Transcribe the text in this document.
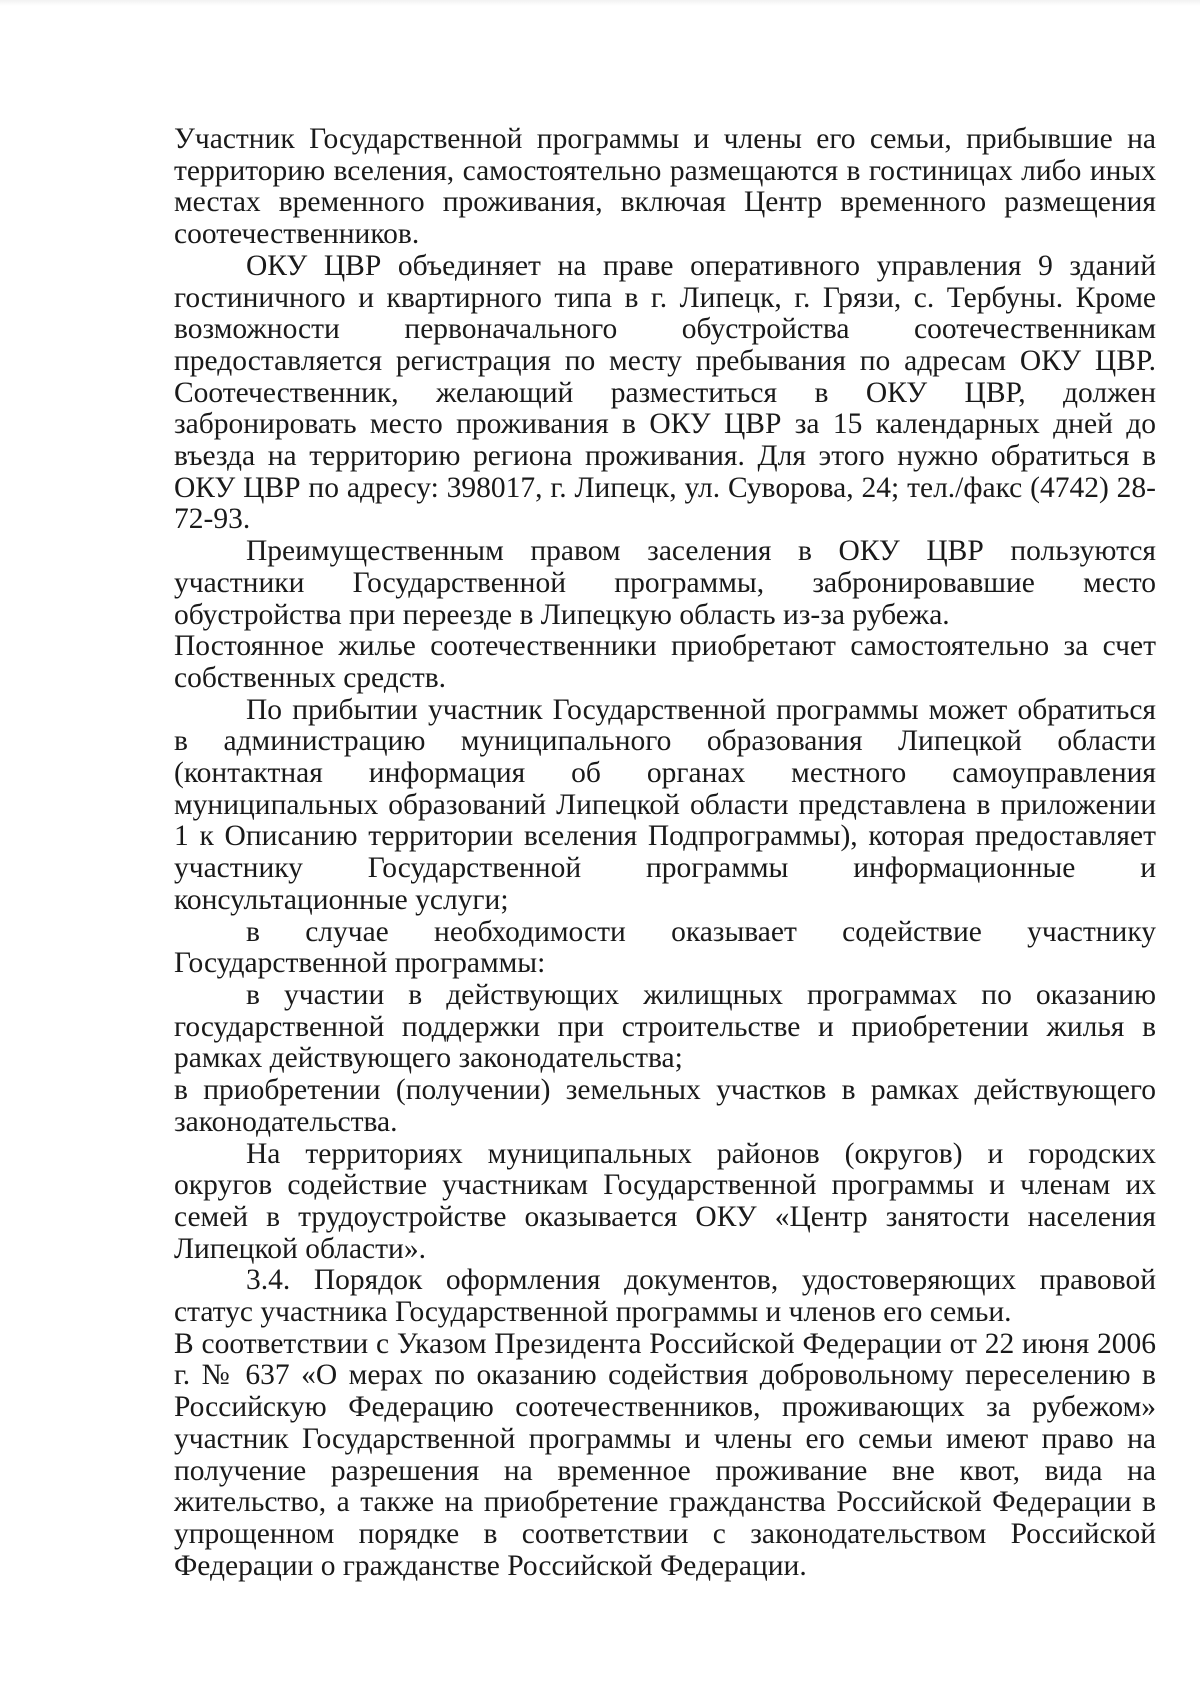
Участник Государственной программы и члены его семьи, прибывшие на территорию вселения, самостоятельно размещаются в гостиницах либо иных местах временного проживания, включая Центр временного размещения соотечественников.

ОКУ ЦВР объединяет на праве оперативного управления 9 зданий гостиничного и квартирного типа в г. Липецк, г. Грязи, с. Тербуны. Кроме возможности первоначального обустройства соотечественникам предоставляется регистрация по месту пребывания по адресам ОКУ ЦВР. Соотечественник, желающий разместиться в ОКУ ЦВР, должен забронировать место проживания в ОКУ ЦВР за 15 календарных дней до въезда на территорию региона проживания. Для этого нужно обратиться в ОКУ ЦВР по адресу: 398017, г. Липецк, ул. Суворова, 24; тел./факс (4742) 28-72-93.

Преимущественным правом заселения в ОКУ ЦВР пользуются участники Государственной программы, забронировавшие место обустройства при переезде в Липецкую область из-за рубежа.

Постоянное жилье соотечественники приобретают самостоятельно за счет собственных средств.

По прибытии участник Государственной программы может обратиться в администрацию муниципального образования Липецкой области (контактная информация об органах местного самоуправления муниципальных образований Липецкой области представлена в приложении 1 к Описанию территории вселения Подпрограммы), которая предоставляет участнику Государственной программы информационные и консультационные услуги;

в случае необходимости оказывает содействие участнику Государственной программы:

в участии в действующих жилищных программах по оказанию государственной поддержки при строительстве и приобретении жилья в рамках действующего законодательства;

в приобретении (получении) земельных участков в рамках действующего законодательства.

На территориях муниципальных районов (округов) и городских округов содействие участникам Государственной программы и членам их семей в трудоустройстве оказывается ОКУ «Центр занятости населения Липецкой области».

3.4. Порядок оформления документов, удостоверяющих правовой статус участника Государственной программы и членов его семьи.

В соответствии с Указом Президента Российской Федерации от 22 июня 2006 г. № 637 «О мерах по оказанию содействия добровольному переселению в Российскую Федерацию соотечественников, проживающих за рубежом» участник Государственной программы и члены его семьи имеют право на получение разрешения на временное проживание вне квот, вида на жительство, а также на приобретение гражданства Российской Федерации в упрощенном порядке в соответствии с законодательством Российской Федерации о гражданстве Российской Федерации.
